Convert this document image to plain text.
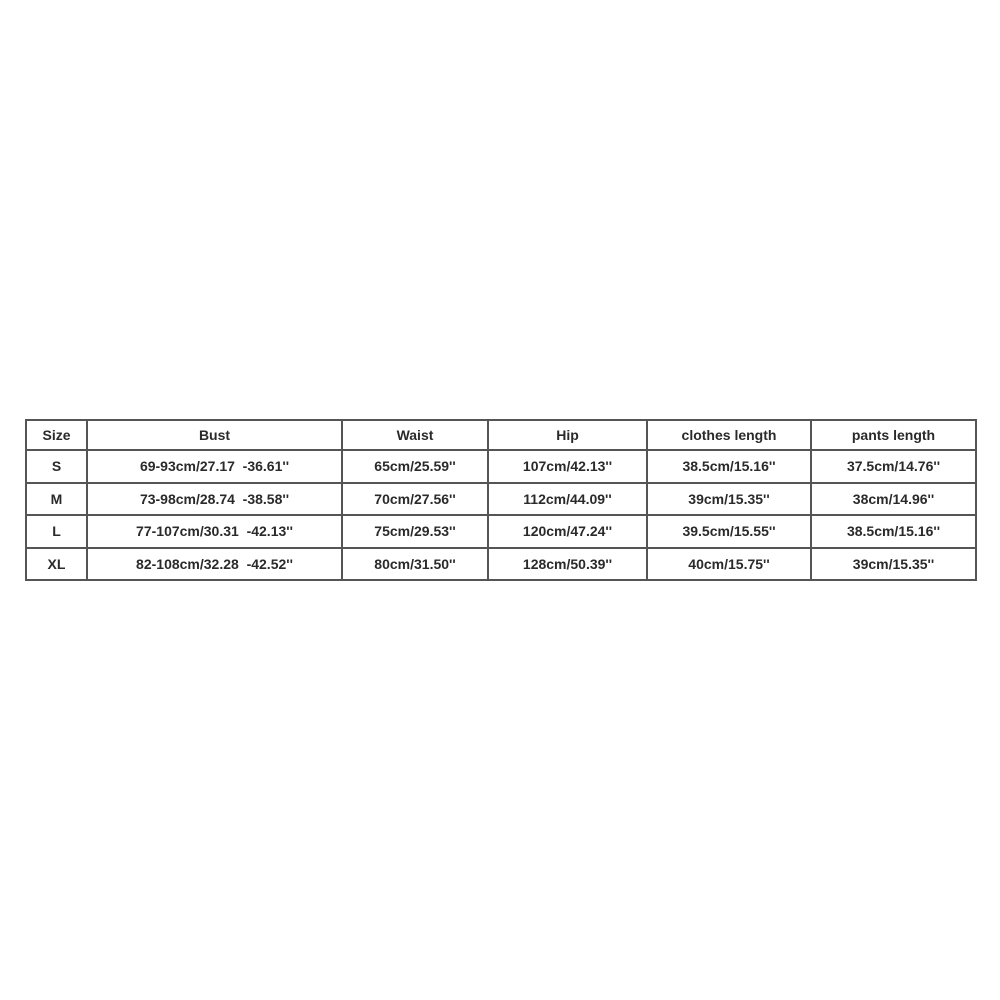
Size	Bust	Waist	Hip	clothes length	pants length
S	69-93cm/27.17  -36.61''	65cm/25.59''	107cm/42.13''	38.5cm/15.16''	37.5cm/14.76''
M	73-98cm/28.74  -38.58''	70cm/27.56''	112cm/44.09''	39cm/15.35''	38cm/14.96''
L	77-107cm/30.31  -42.13''	75cm/29.53''	120cm/47.24''	39.5cm/15.55''	38.5cm/15.16''
XL	82-108cm/32.28  -42.52''	80cm/31.50''	128cm/50.39''	40cm/15.75''	39cm/15.35''
